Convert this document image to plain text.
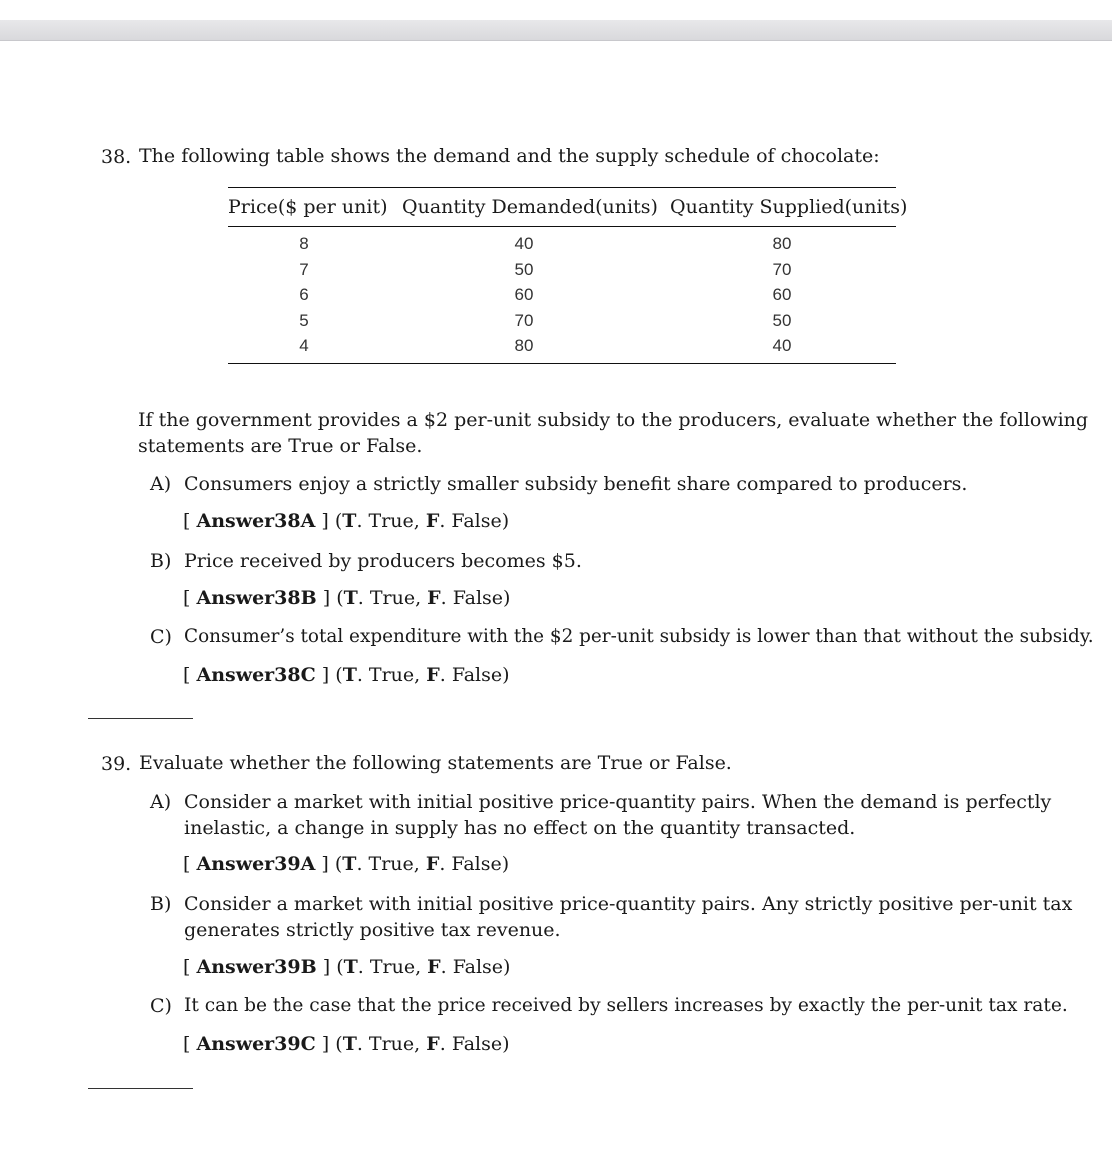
38. The following table shows the demand and the supply schedule of chocolate:
Price($ per unit) Quantity Demanded(units) Quantity Supplied(units)
8	40	80
7	50	70
6	60	60
5	70	50
4	80	40
If the government provides a $2 per-unit subsidy to the producers, evaluate whether the following
statements are True or False.
A) Consumers enjoy a strictly smaller subsidy benefit share compared to producers.
[ Answer38A ] (T. True, F. False)
B) Price received by producers becomes $5.
[ Answer38B ] (T. True, F. False)
C) Consumer’s total expenditure with the $2 per-unit subsidy is lower than that without the subsidy.
[ Answer38C ] (T. True, F. False)
39. Evaluate whether the following statements are True or False.
A) Consider a market with initial positive price-quantity pairs. When the demand is perfectly
inelastic, a change in supply has no effect on the quantity transacted.
[ Answer39A ] (T. True, F. False)
B) Consider a market with initial positive price-quantity pairs. Any strictly positive per-unit tax
generates strictly positive tax revenue.
[ Answer39B ] (T. True, F. False)
C) It can be the case that the price received by sellers increases by exactly the per-unit tax rate.
[ Answer39C ] (T. True, F. False)
